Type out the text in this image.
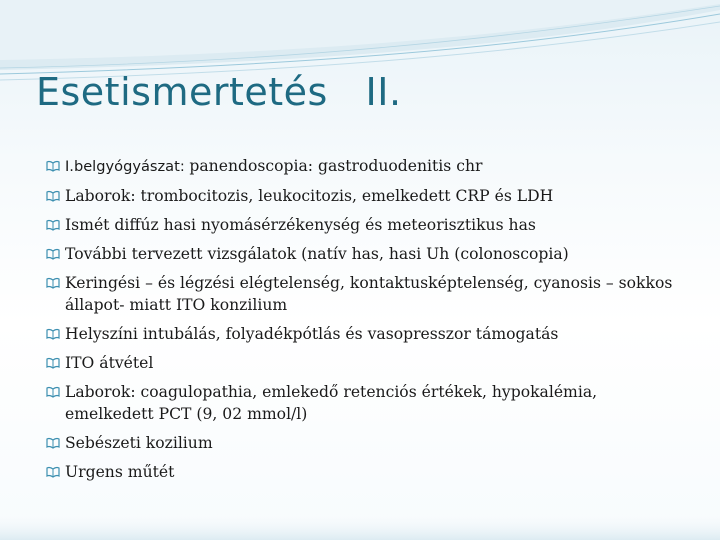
Esetismertetés   II.
I.belgyógyászat: panendoscopia: gastroduodenitis chr
Laborok: trombocitozis, leukocitozis, emelkedett CRP és LDH
Ismét diffúz hasi nyomásérzékenység és meteorisztikus has
További tervezett vizsgálatok (natív has, hasi Uh (colonoscopia)
Keringési – és légzési elégtelenség, kontaktusképtelenség, cyanosis – sokkos állapot- miatt ITO konzilium
Helyszíni intubálás, folyadékpótlás és vasopresszor támogatás
ITO átvétel
Laborok: coagulopathia, emlekedő retenciós értékek, hypokalémia, emelkedett PCT (9, 02 mmol/l)
Sebészeti kozilium
Urgens műtét
